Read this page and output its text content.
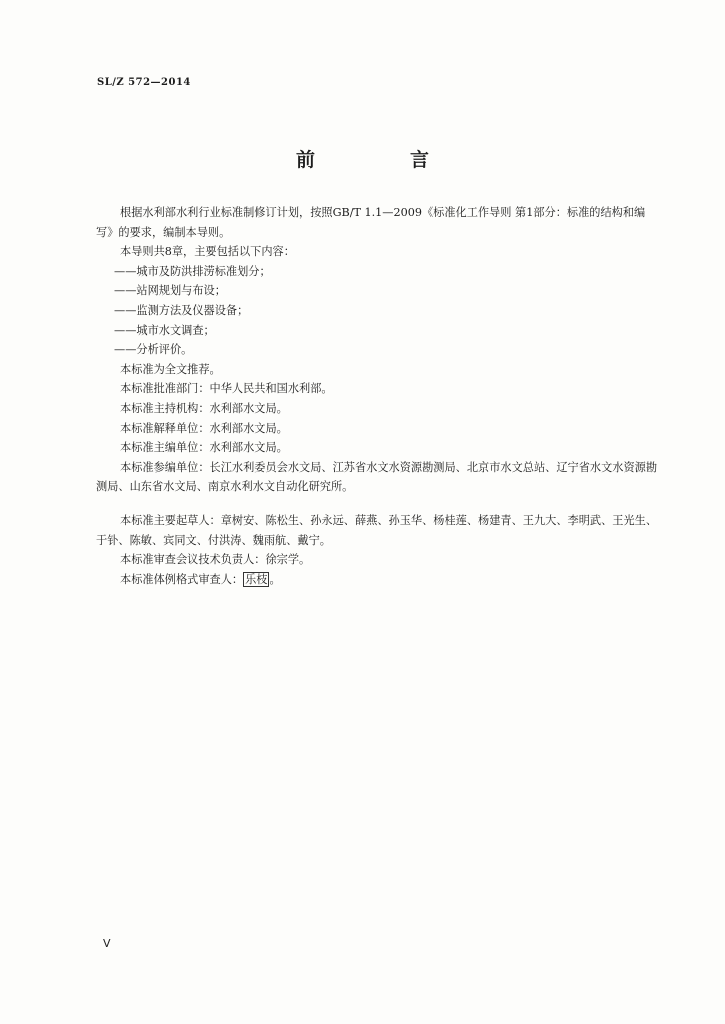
SL/Z 572—2014
前　言

根据水利部水利行业标准制修订计划，按照GB/T 1.1—2009《标准化工作导则 第1部分：标准的结构和编写》的要求，编制本导则。

本导则共8章，主要包括以下内容：

——城市及防洪排涝标准划分；

——站网规划与布设；

——监测方法及仪器设备；

——城市水文调查；

——分析评价。

本标准为全文推荐。

本标准批准部门：中华人民共和国水利部。

本标准主持机构：水利部水文局。

本标准解释单位：水利部水文局。

本标准主编单位：水利部水文局。

本标准参编单位：长江水利委员会水文局、江苏省水文水资源勘测局、北京市水文总站、辽宁省水文水资源勘测局、山东省水文局、南京水利水文自动化研究所。

本标准主要起草人：章树安、陈松生、孙永远、薛燕、孙玉华、杨桂莲、杨建青、王九大、李明武、王光生、于钋、陈敏、宾同文、付洪涛、魏雨航、戴宁。

本标准审查会议技术负责人：徐宗学。

本标准体例格式审查人： 乐枝 。

V
